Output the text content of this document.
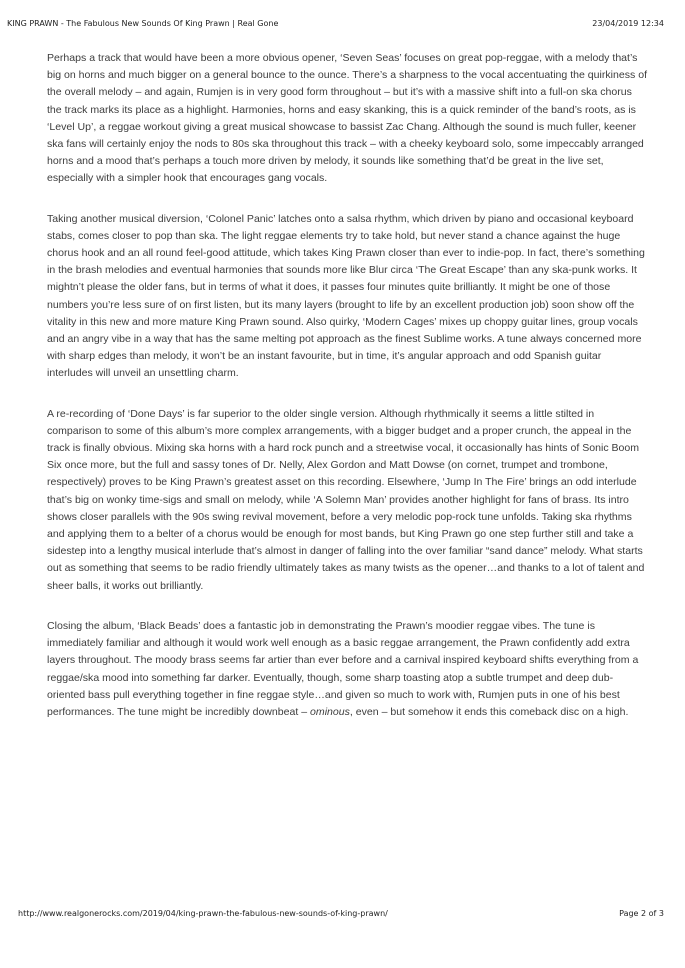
KING PRAWN - The Fabulous New Sounds Of King Prawn | Real Gone	23/04/2019 12:34

Perhaps a track that would have been a more obvious opener, ‘Seven Seas’ focuses on great pop-reggae, with a melody that’s big on horns and much bigger on a general bounce to the ounce. There’s a sharpness to the vocal accentuating the quirkiness of the overall melody – and again, Rumjen is in very good form throughout – but it’s with a massive shift into a full-on ska chorus the track marks its place as a highlight. Harmonies, horns and easy skanking, this is a quick reminder of the band’s roots, as is ‘Level Up’, a reggae workout giving a great musical showcase to bassist Zac Chang. Although the sound is much fuller, keener ska fans will certainly enjoy the nods to 80s ska throughout this track – with a cheeky keyboard solo, some impeccably arranged horns and a mood that’s perhaps a touch more driven by melody, it sounds like something that’d be great in the live set, especially with a simpler hook that encourages gang vocals.

Taking another musical diversion, ‘Colonel Panic’ latches onto a salsa rhythm, which driven by piano and occasional keyboard stabs, comes closer to pop than ska. The light reggae elements try to take hold, but never stand a chance against the huge chorus hook and an all round feel-good attitude, which takes King Prawn closer than ever to indie-pop. In fact, there’s something in the brash melodies and eventual harmonies that sounds more like Blur circa ‘The Great Escape’ than any ska-punk works. It mightn’t please the older fans, but in terms of what it does, it passes four minutes quite brilliantly. It might be one of those numbers you’re less sure of on first listen, but its many layers (brought to life by an excellent production job) soon show off the vitality in this new and more mature King Prawn sound. Also quirky, ‘Modern Cages’ mixes up choppy guitar lines, group vocals and an angry vibe in a way that has the same melting pot approach as the finest Sublime works. A tune always concerned more with sharp edges than melody, it won’t be an instant favourite, but in time, it’s angular approach and odd Spanish guitar interludes will unveil an unsettling charm.

A re-recording of ‘Done Days’ is far superior to the older single version. Although rhythmically it seems a little stilted in comparison to some of this album’s more complex arrangements, with a bigger budget and a proper crunch, the appeal in the track is finally obvious. Mixing ska horns with a hard rock punch and a streetwise vocal, it occasionally has hints of Sonic Boom Six once more, but the full and sassy tones of Dr. Nelly, Alex Gordon and Matt Dowse (on cornet, trumpet and trombone, respectively) proves to be King Prawn’s greatest asset on this recording. Elsewhere, ‘Jump In The Fire’ brings an odd interlude that’s big on wonky time-sigs and small on melody, while ‘A Solemn Man’ provides another highlight for fans of brass. Its intro shows closer parallels with the 90s swing revival movement, before a very melodic pop-rock tune unfolds. Taking ska rhythms and applying them to a belter of a chorus would be enough for most bands, but King Prawn go one step further still and take a sidestep into a lengthy musical interlude that’s almost in danger of falling into the over familiar “sand dance” melody. What starts out as something that seems to be radio friendly ultimately takes as many twists as the opener…and thanks to a lot of talent and sheer balls, it works out brilliantly.

Closing the album, ‘Black Beads’ does a fantastic job in demonstrating the Prawn’s moodier reggae vibes. The tune is immediately familiar and although it would work well enough as a basic reggae arrangement, the Prawn confidently add extra layers throughout. The moody brass seems far artier than ever before and a carnival inspired keyboard shifts everything from a reggae/ska mood into something far darker. Eventually, though, some sharp toasting atop a subtle trumpet and deep dub-oriented bass pull everything together in fine reggae style…and given so much to work with, Rumjen puts in one of his best performances. The tune might be incredibly downbeat – ominous, even – but somehow it ends this comeback disc on a high.

http://www.realgonerocks.com/2019/04/king-prawn-the-fabulous-new-sounds-of-king-prawn/	Page 2 of 3
